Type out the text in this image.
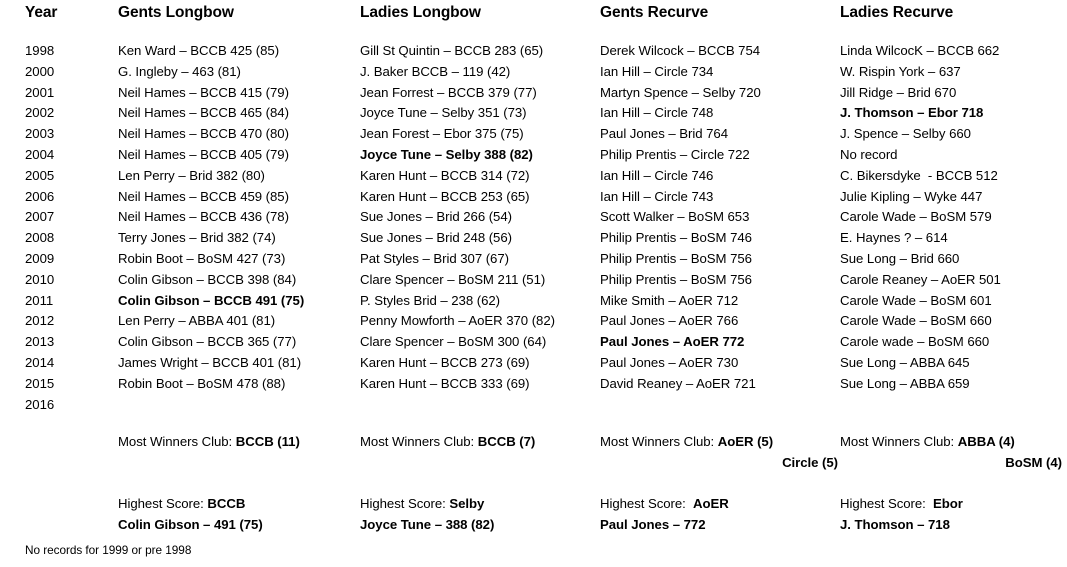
Year
1998
2000
2001
2002
2003
2004
2005
2006
2007
2008
2009
2010
2011
2012
2013
2014
2015
2016
Gents Longbow
Ken Ward – BCCB 425 (85)
G. Ingleby – 463 (81)
Neil Hames – BCCB 415 (79)
Neil Hames – BCCB 465 (84)
Neil Hames – BCCB 470 (80)
Neil Hames – BCCB 405 (79)
Len Perry – Brid 382 (80)
Neil Hames – BCCB 459 (85)
Neil Hames – BCCB 436 (78)
Terry Jones – Brid 382 (74)
Robin Boot – BoSM 427 (73)
Colin Gibson – BCCB 398 (84)
Colin Gibson – BCCB 491 (75)
Len Perry – ABBA 401 (81)
Colin Gibson – BCCB 365 (77)
James Wright – BCCB 401 (81)
Robin Boot – BoSM 478 (88)

Ladies Longbow
Gill St Quintin – BCCB 283 (65)
J. Baker BCCB – 119 (42)
Jean Forrest – BCCB 379 (77)
Joyce Tune – Selby 351 (73)
Jean Forest – Ebor 375 (75)
Joyce Tune – Selby 388 (82)
Karen Hunt – BCCB 314 (72)
Karen Hunt – BCCB 253 (65)
Sue Jones – Brid 266 (54)
Sue Jones – Brid 248 (56)
Pat Styles – Brid 307 (67)
Clare Spencer – BoSM 211 (51)
P. Styles Brid – 238 (62)
Penny Mowforth – AoER 370 (82)
Clare Spencer – BoSM 300 (64)
Karen Hunt – BCCB 273 (69)
Karen Hunt – BCCB 333 (69)

Gents Recurve
Derek Wilcock – BCCB 754
Ian Hill – Circle 734
Martyn Spence – Selby 720
Ian Hill – Circle 748
Paul Jones – Brid 764
Philip Prentis – Circle 722
Ian Hill – Circle 746
Ian Hill – Circle 743
Scott Walker – BoSM 653
Philip Prentis – BoSM 746
Philip Prentis – BoSM 756
Philip Prentis – BoSM 756
Mike Smith – AoER 712
Paul Jones – AoER 766
Paul Jones – AoER 772
Paul Jones – AoER 730
David Reaney – AoER 721

Ladies Recurve
Linda WilcocK – BCCB 662
W. Rispin York – 637
Jill Ridge – Brid 670
J. Thomson – Ebor 718
J. Spence – Selby 660
No record
C. Bikersdyke  - BCCB 512
Julie Kipling – Wyke 447
Carole Wade – BoSM 579
E. Haynes ? – 614
Sue Long – Brid 660
Carole Reaney – AoER 501
Carole Wade – BoSM 601
Carole Wade – BoSM 660
Carole wade – BoSM 660
Sue Long – ABBA 645
Sue Long – ABBA 659

Most Winners Club: BCCB (11)	Most Winners Club: BCCB (7)	Most Winners Club: AoER (5)
Circle (5)
Most Winners Club: ABBA (4)
BoSM (4)
Highest Score: BCCB
Colin Gibson – 491 (75)
Highest Score: Selby
Joyce Tune – 388 (82)
Highest Score:  AoER
Paul Jones – 772
Highest Score:  Ebor
J. Thomson – 718
No records for 1999 or pre 1998
